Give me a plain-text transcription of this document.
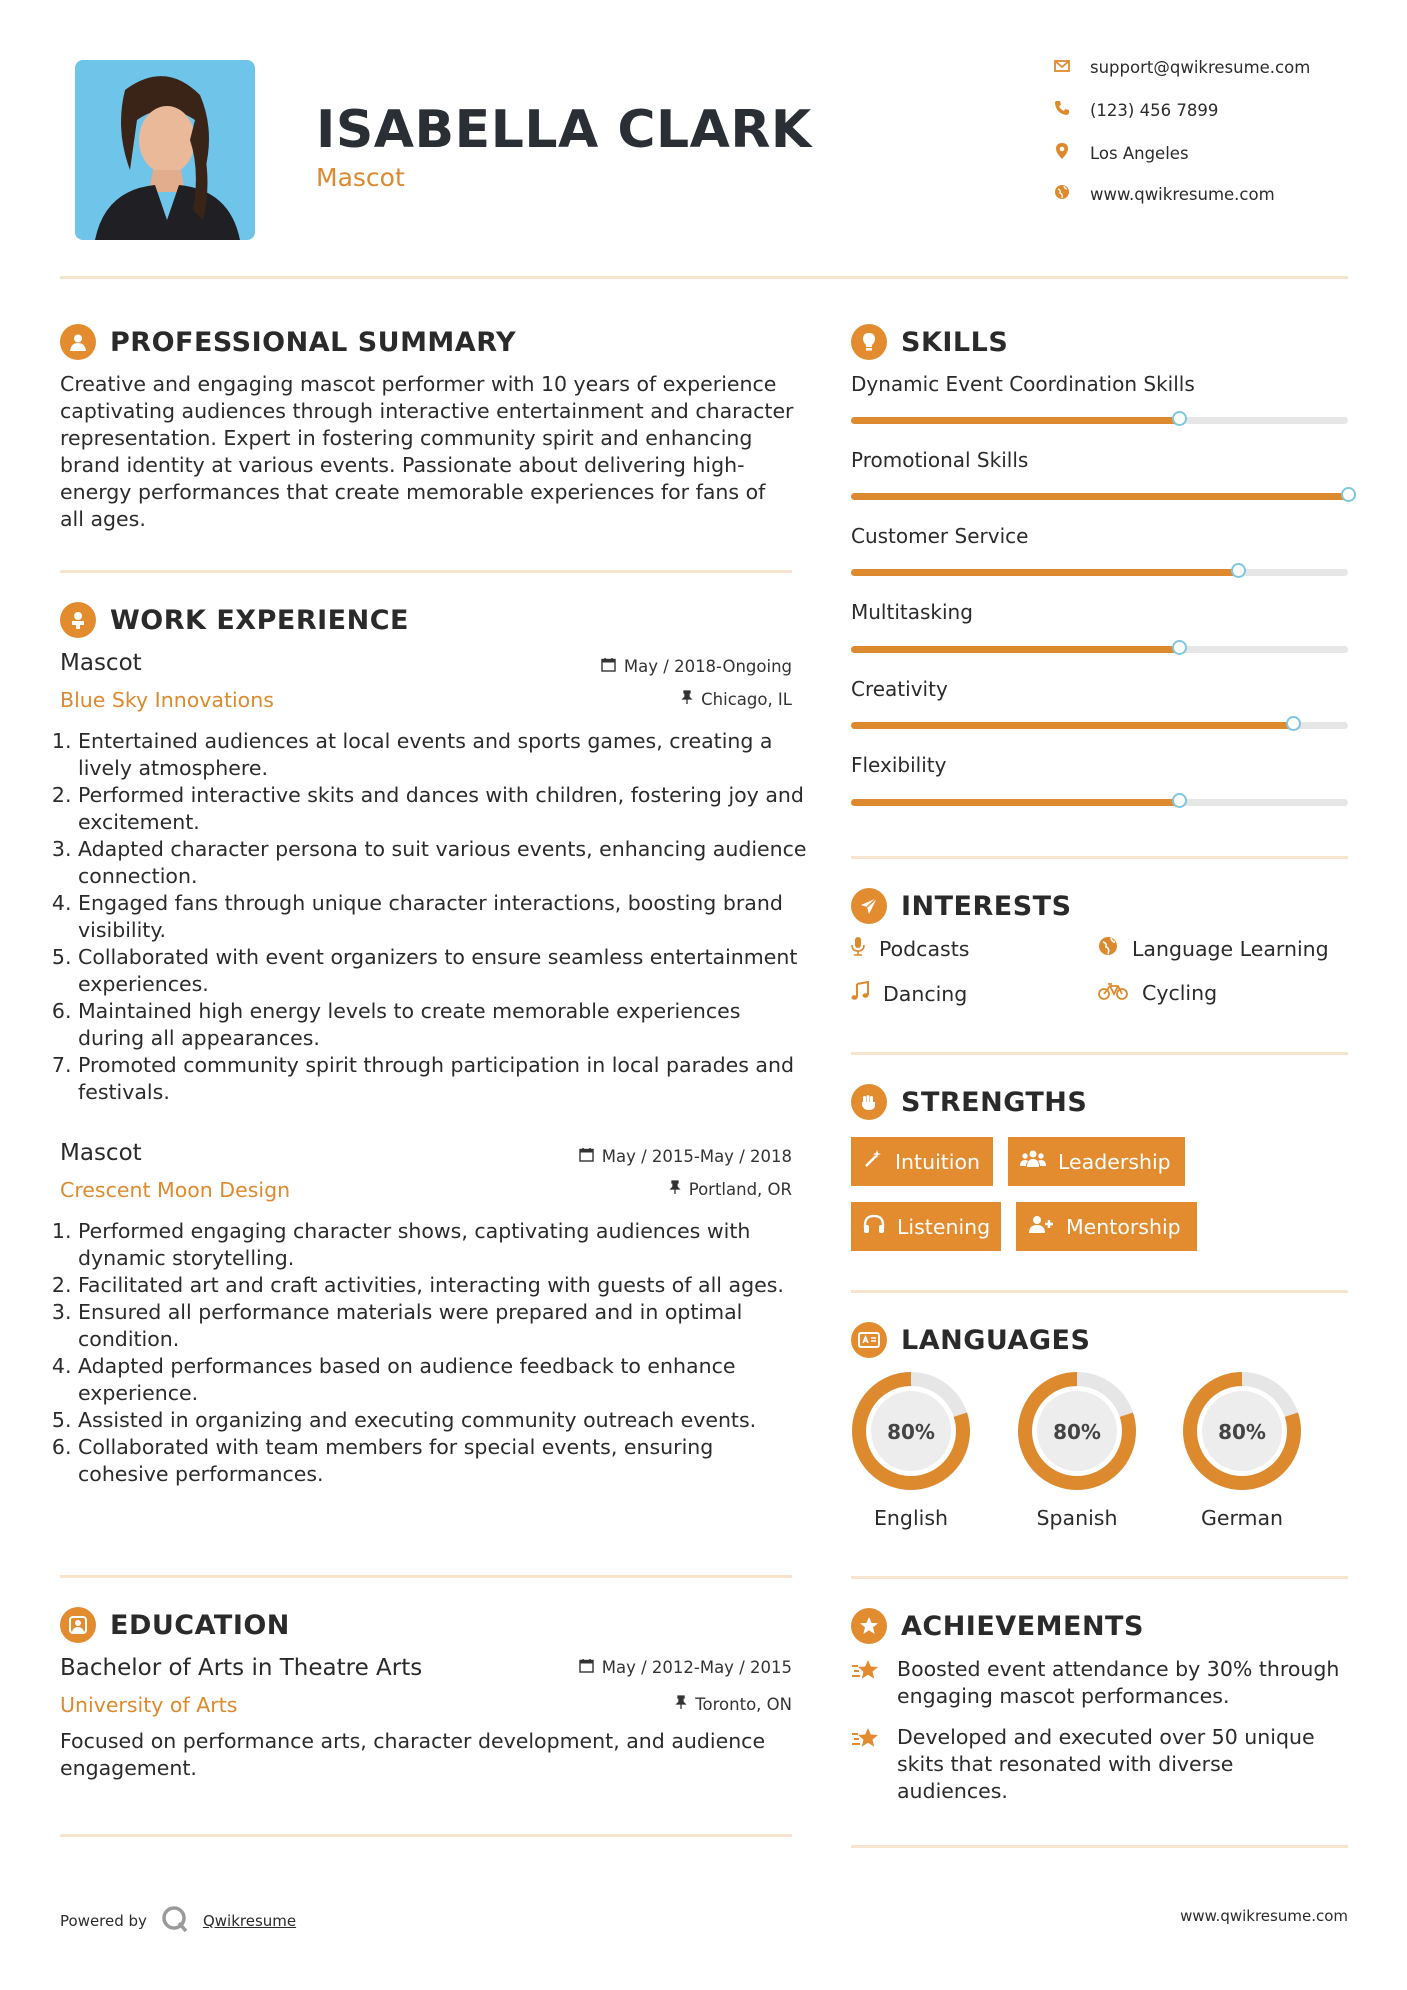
ISABELLA CLARK
Mascot
support@qwikresume.com
(123) 456 7899
Los Angeles
www.qwikresume.com
PROFESSIONAL SUMMARY
Creative and engaging mascot performer with 10 years of experience captivating audiences through interactive entertainment and character representation. Expert in fostering community spirit and enhancing brand identity at various events. Passionate about delivering high-energy performances that create memorable experiences for fans of all ages.
WORK EXPERIENCE
Mascot	May / 2018-Ongoing
Blue Sky Innovations	Chicago, IL
1. Entertained audiences at local events and sports games, creating a lively atmosphere.
2. Performed interactive skits and dances with children, fostering joy and excitement.
3. Adapted character persona to suit various events, enhancing audience connection.
4. Engaged fans through unique character interactions, boosting brand visibility.
5. Collaborated with event organizers to ensure seamless entertainment experiences.
6. Maintained high energy levels to create memorable experiences during all appearances.
7. Promoted community spirit through participation in local parades and festivals.
Mascot	May / 2015-May / 2018
Crescent Moon Design	Portland, OR
1. Performed engaging character shows, captivating audiences with dynamic storytelling.
2. Facilitated art and craft activities, interacting with guests of all ages.
3. Ensured all performance materials were prepared and in optimal condition.
4. Adapted performances based on audience feedback to enhance experience.
5. Assisted in organizing and executing community outreach events.
6. Collaborated with team members for special events, ensuring cohesive performances.
EDUCATION
Bachelor of Arts in Theatre Arts	May / 2012-May / 2015
University of Arts	Toronto, ON
Focused on performance arts, character development, and audience engagement.
SKILLS
Dynamic Event Coordination Skills
Promotional Skills
Customer Service
Multitasking
Creativity
Flexibility
INTERESTS
Podcasts	Language Learning
Dancing	Cycling
STRENGTHS
Intuition	Leadership
Listening	Mentorship
LANGUAGES
80%	80%	80%
English	Spanish	German
ACHIEVEMENTS
Boosted event attendance by 30% through engaging mascot performances.
Developed and executed over 50 unique skits that resonated with diverse audiences.
Powered by	Qwikresume	www.qwikresume.com
